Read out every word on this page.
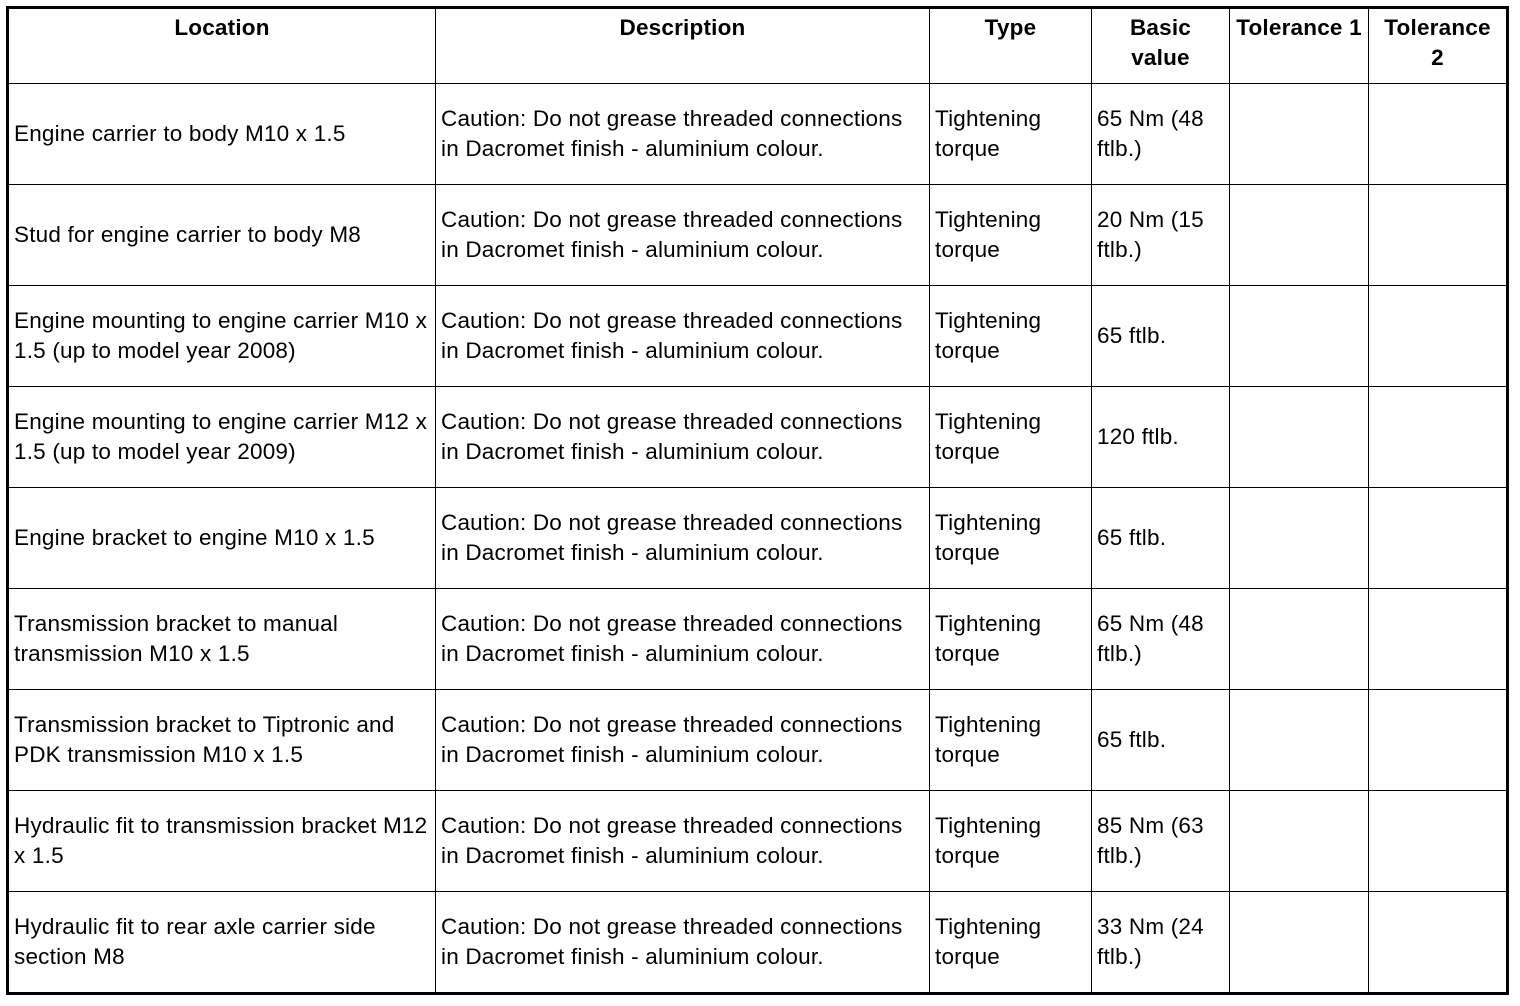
Location	Description	Type	Basic value	Tolerance 1	Tolerance 2
Engine carrier to body M10 x 1.5	Caution: Do not grease threaded connections in Dacromet finish - aluminium colour.	Tightening torque	65 Nm (48 ftlb.)		
Stud for engine carrier to body M8	Caution: Do not grease threaded connections in Dacromet finish - aluminium colour.	Tightening torque	20 Nm (15 ftlb.)		
Engine mounting to engine carrier M10 x 1.5 (up to model year 2008)	Caution: Do not grease threaded connections in Dacromet finish - aluminium colour.	Tightening torque	65 ftlb.		
Engine mounting to engine carrier M12 x 1.5 (up to model year 2009)	Caution: Do not grease threaded connections in Dacromet finish - aluminium colour.	Tightening torque	120 ftlb.		
Engine bracket to engine M10 x 1.5	Caution: Do not grease threaded connections in Dacromet finish - aluminium colour.	Tightening torque	65 ftlb.		
Transmission bracket to manual transmission M10 x 1.5	Caution: Do not grease threaded connections in Dacromet finish - aluminium colour.	Tightening torque	65 Nm (48 ftlb.)		
Transmission bracket to Tiptronic and PDK transmission M10 x 1.5	Caution: Do not grease threaded connections in Dacromet finish - aluminium colour.	Tightening torque	65 ftlb.		
Hydraulic fit to transmission bracket M12 x 1.5	Caution: Do not grease threaded connections in Dacromet finish - aluminium colour.	Tightening torque	85 Nm (63 ftlb.)		
Hydraulic fit to rear axle carrier side section M8	Caution: Do not grease threaded connections in Dacromet finish - aluminium colour.	Tightening torque	33 Nm (24 ftlb.)		
